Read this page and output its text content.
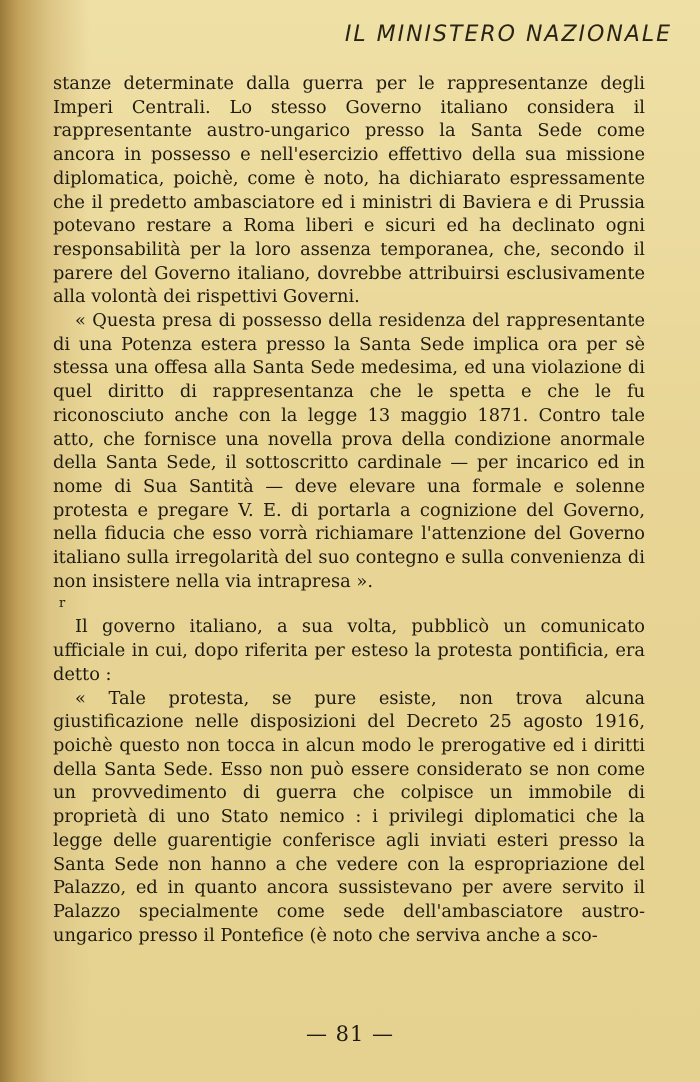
IL MINISTERO NAZIONALE

stanze determinate dalla guerra per le rappresentanze degli Imperi Centrali. Lo stesso Governo italiano considera il rappresentante austro-ungarico presso la Santa Sede come ancora in possesso e nell'esercizio effettivo della sua missione diplomatica, poichè, come è noto, ha dichiarato espressamente che il predetto ambasciatore ed i ministri di Baviera e di Prussia potevano restare a Roma liberi e sicuri ed ha declinato ogni responsabilità per la loro assenza temporanea, che, secondo il parere del Governo italiano, dovrebbe attribuirsi esclusivamente alla volontà dei rispettivi Governi.

« Questa presa di possesso della residenza del rappresentante di una Potenza estera presso la Santa Sede implica ora per sè stessa una offesa alla Santa Sede medesima, ed una violazione di quel diritto di rappresentanza che le spetta e che le fu riconosciuto anche con la legge 13 maggio 1871. Contro tale atto, che fornisce una novella prova della condizione anormale della Santa Sede, il sottoscritto cardinale — per incarico ed in nome di Sua Santità — deve elevare una formale e solenne protesta e pregare V. E. di portarla a cognizione del Governo, nella fiducia che esso vorrà richiamare l'attenzione del Governo italiano sulla irregolarità del suo contegno e sulla convenienza di non insistere nella via intrapresa ».

r

Il governo italiano, a sua volta, pubblicò un comunicato ufficiale in cui, dopo riferita per esteso la protesta pontificia, era detto :

« Tale protesta, se pure esiste, non trova alcuna giustificazione nelle disposizioni del Decreto 25 agosto 1916, poichè questo non tocca in alcun modo le prerogative ed i diritti della Santa Sede. Esso non può essere considerato se non come un provvedimento di guerra che colpisce un immobile di proprietà di uno Stato nemico : i privilegi diplomatici che la legge delle guarentigie conferisce agli inviati esteri presso la Santa Sede non hanno a che vedere con la espropriazione del Palazzo, ed in quanto ancora sussistevano per avere servito il Palazzo specialmente come sede dell'ambasciatore austro-ungarico presso il Pontefice (è noto che serviva anche a sco-

— 81 —
